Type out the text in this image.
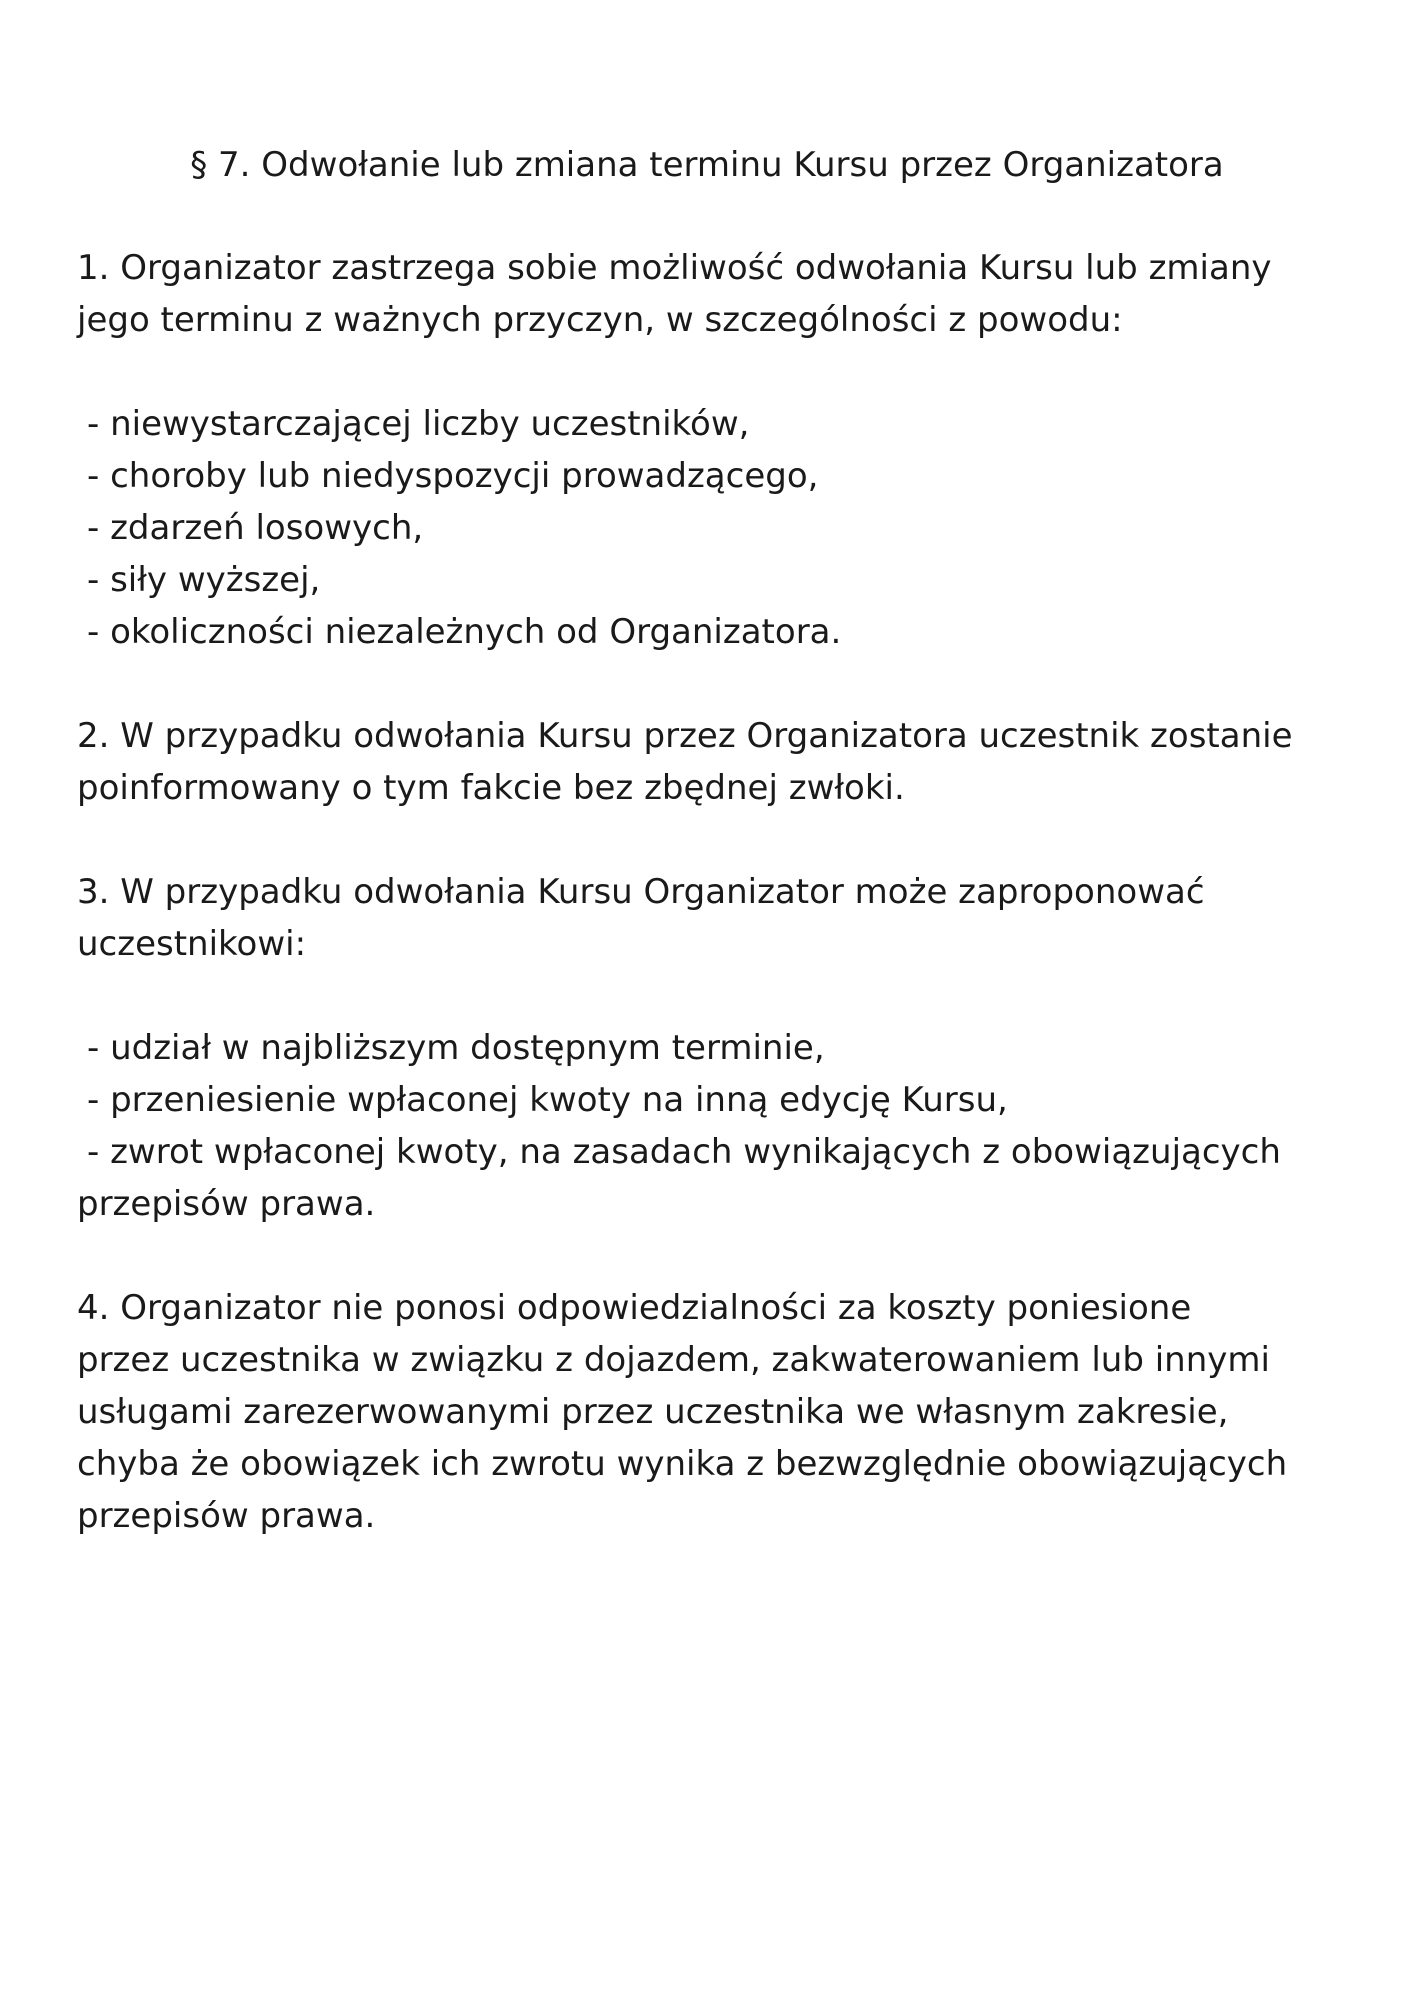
§ 7. Odwołanie lub zmiana terminu Kursu przez Organizatora
1. Organizator zastrzega sobie możliwość odwołania Kursu lub zmiany
jego terminu z ważnych przyczyn, w szczególności z powodu:
- niewystarczającej liczby uczestników,
- choroby lub niedyspozycji prowadzącego,
- zdarzeń losowych,
- siły wyższej,
- okoliczności niezależnych od Organizatora.
2. W przypadku odwołania Kursu przez Organizatora uczestnik zostanie
poinformowany o tym fakcie bez zbędnej zwłoki.
3. W przypadku odwołania Kursu Organizator może zaproponować
uczestnikowi:
- udział w najbliższym dostępnym terminie,
- przeniesienie wpłaconej kwoty na inną edycję Kursu,
- zwrot wpłaconej kwoty, na zasadach wynikających z obowiązujących
przepisów prawa.
4. Organizator nie ponosi odpowiedzialności za koszty poniesione
przez uczestnika w związku z dojazdem, zakwaterowaniem lub innymi
usługami zarezerwowanymi przez uczestnika we własnym zakresie,
chyba że obowiązek ich zwrotu wynika z bezwzględnie obowiązujących
przepisów prawa.
